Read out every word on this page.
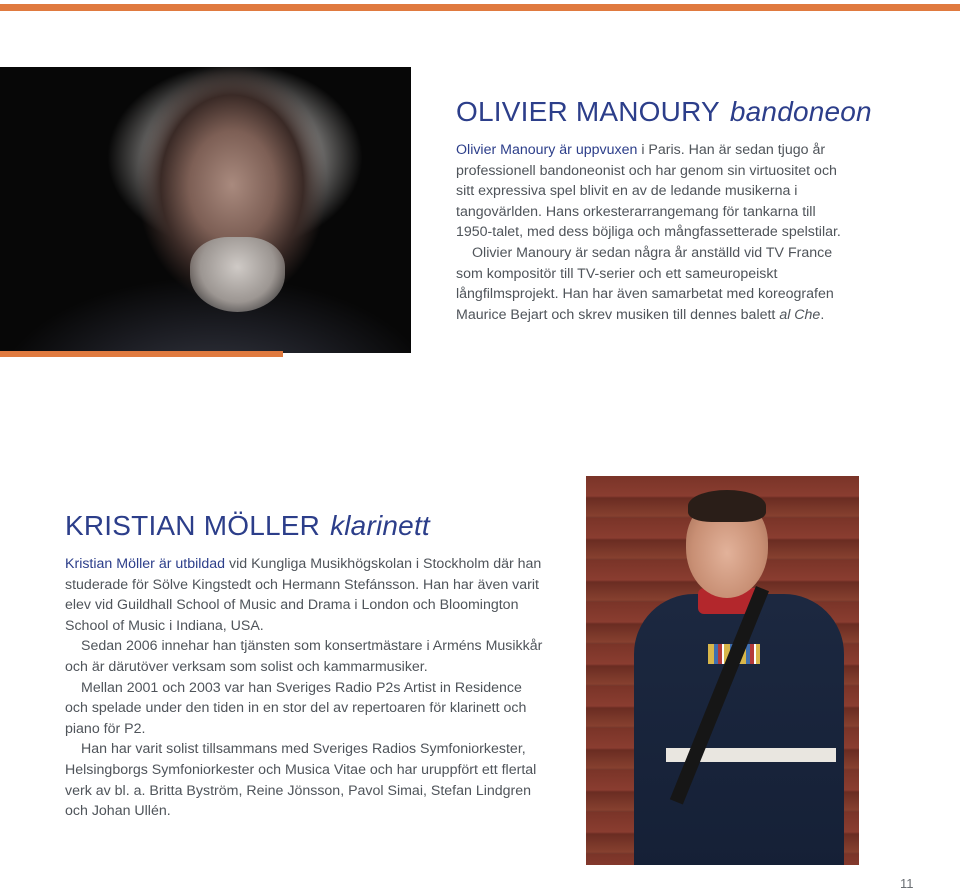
OLIVIER MANOURY bandoneon

Olivier Manoury är uppvuxen i Paris. Han är sedan tjugo år professionell bandoneonist och har genom sin virtuositet och sitt expressiva spel blivit en av de ledande musikerna i tangovärlden. Hans orkesterarrangemang för tankarna till 1950-talet, med dess böjliga och mångfassetterade spelstilar.

Olivier Manoury är sedan några år anställd vid TV France som kompositör till TV-serier och ett sameuropeiskt långfilmsprojekt. Han har även samarbetat med koreografen Maurice Bejart och skrev musiken till dennes balett al Che.

KRISTIAN MÖLLER klarinett

Kristian Möller är utbildad vid Kungliga Musikhögskolan i Stockholm där han studerade för Sölve Kingstedt och Hermann Stefánsson. Han har även varit elev vid Guildhall School of Music and Drama i London och Bloomington School of Music i Indiana, USA.

Sedan 2006 innehar han tjänsten som konsertmästare i Arméns Musikkår och är därutöver verksam som solist och kammarmusiker.

Mellan 2001 och 2003 var han Sveriges Radio P2s Artist in Residence och spelade under den tiden in en stor del av repertoaren för klarinett och piano för P2.

Han har varit solist tillsammans med Sveriges Radios Symfoniorkester, Helsingborgs Symfoniorkester och Musica Vitae och har uruppfört ett flertal verk av bl. a. Britta Byström, Reine Jönsson, Pavol Simai, Stefan Lindgren och Johan Ullén.

11
